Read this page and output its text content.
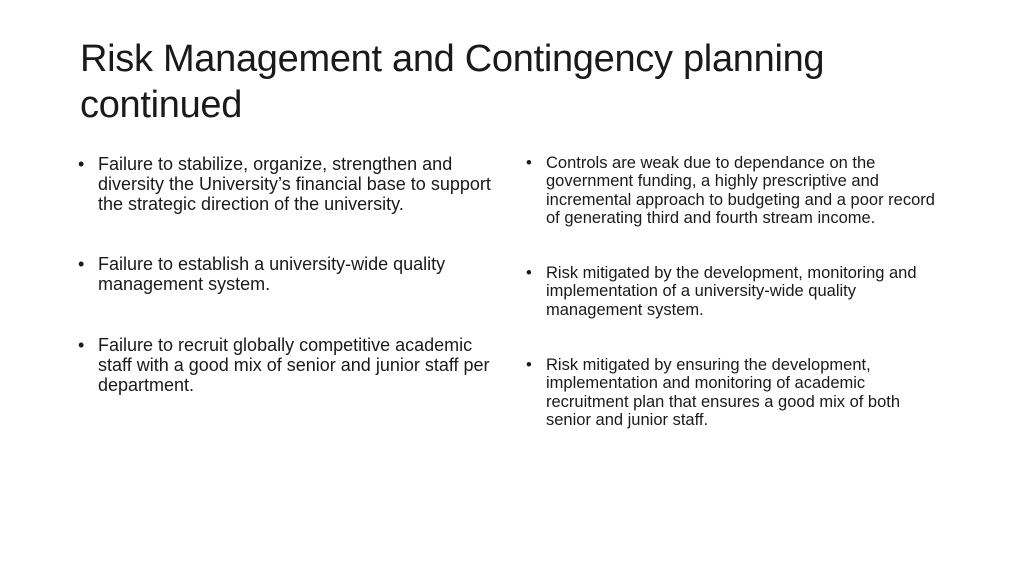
Risk Management and Contingency planning continued
• Failure to stabilize, organize, strengthen and diversity the University’s financial base to support the strategic direction of the university.
• Failure to establish a university-wide quality management system.
• Failure to recruit globally competitive academic staff with a good mix of senior and junior staff per department.
• Controls are weak due to dependance on the government funding, a highly prescriptive and incremental approach to budgeting and a poor record of generating third and fourth stream income.
• Risk mitigated by the development, monitoring and implementation of a university-wide quality management system.
• Risk mitigated by ensuring the development, implementation and monitoring of academic recruitment plan that ensures a good mix of both senior and junior staff.
